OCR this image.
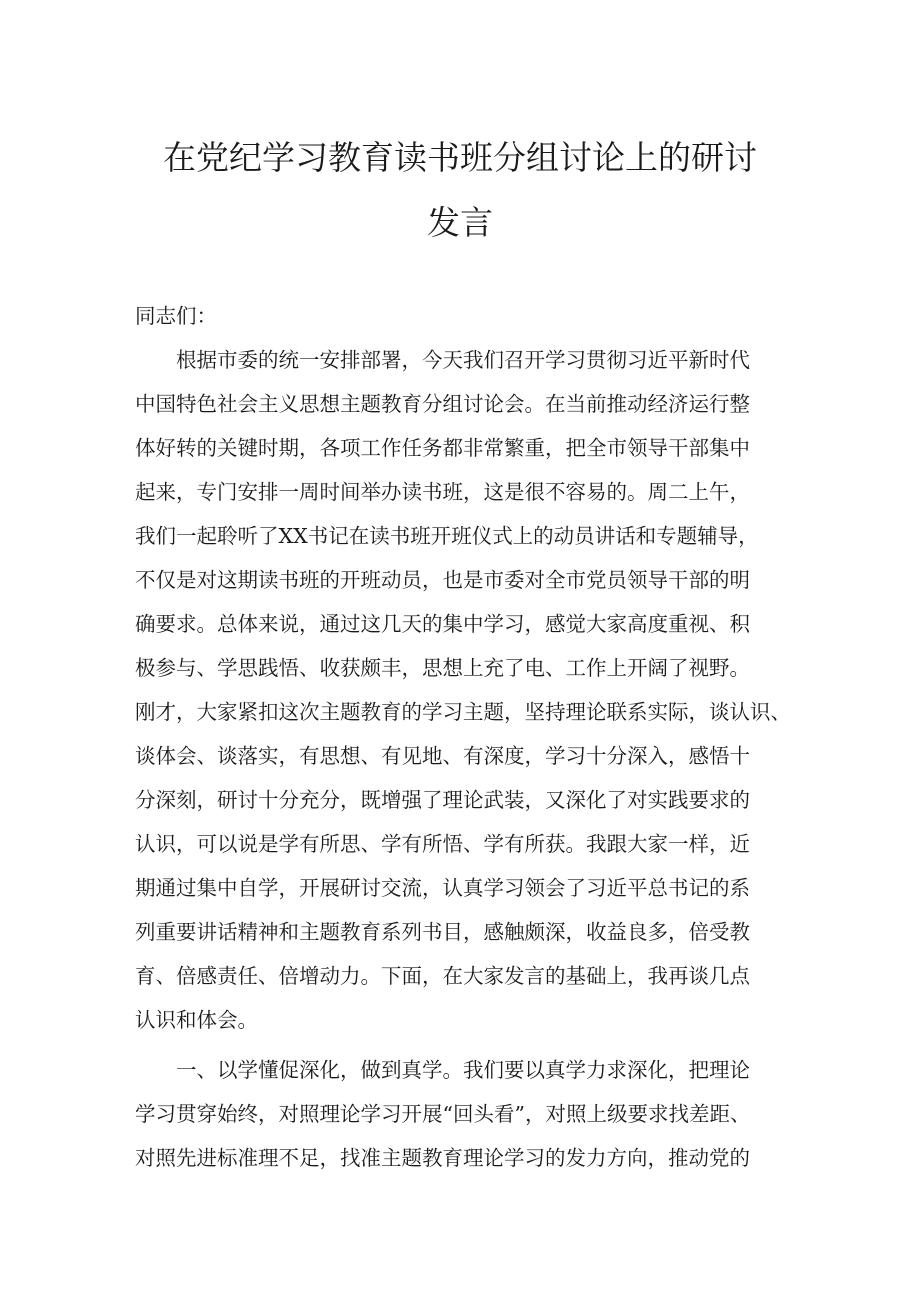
在党纪学习教育读书班分组讨论上的研讨
发言
同志们：
　　根据市委的统一安排部署，今天我们召开学习贯彻习近平新时代
中国特色社会主义思想主题教育分组讨论会。在当前推动经济运行整
体好转的关键时期，各项工作任务都非常繁重，把全市领导干部集中
起来，专门安排一周时间举办读书班，这是很不容易的。周二上午，
我们一起聆听了XX书记在读书班开班仪式上的动员讲话和专题辅导，
不仅是对这期读书班的开班动员，也是市委对全市党员领导干部的明
确要求。总体来说，通过这几天的集中学习，感觉大家高度重视、积
极参与、学思践悟、收获颇丰，思想上充了电、工作上开阔了视野。
刚才，大家紧扣这次主题教育的学习主题，坚持理论联系实际，谈认识、
谈体会、谈落实，有思想、有见地、有深度，学习十分深入，感悟十
分深刻，研讨十分充分，既增强了理论武装，又深化了对实践要求的
认识，可以说是学有所思、学有所悟、学有所获。我跟大家一样，近
期通过集中自学，开展研讨交流，认真学习领会了习近平总书记的系
列重要讲话精神和主题教育系列书目，感触颇深，收益良多，倍受教
育、倍感责任、倍增动力。下面，在大家发言的基础上，我再谈几点
认识和体会。
　　一、以学懂促深化，做到真学。我们要以真学力求深化，把理论
学习贯穿始终，对照理论学习开展“回头看”，对照上级要求找差距、
对照先进标准理不足，找准主题教育理论学习的发力方向，推动党的
